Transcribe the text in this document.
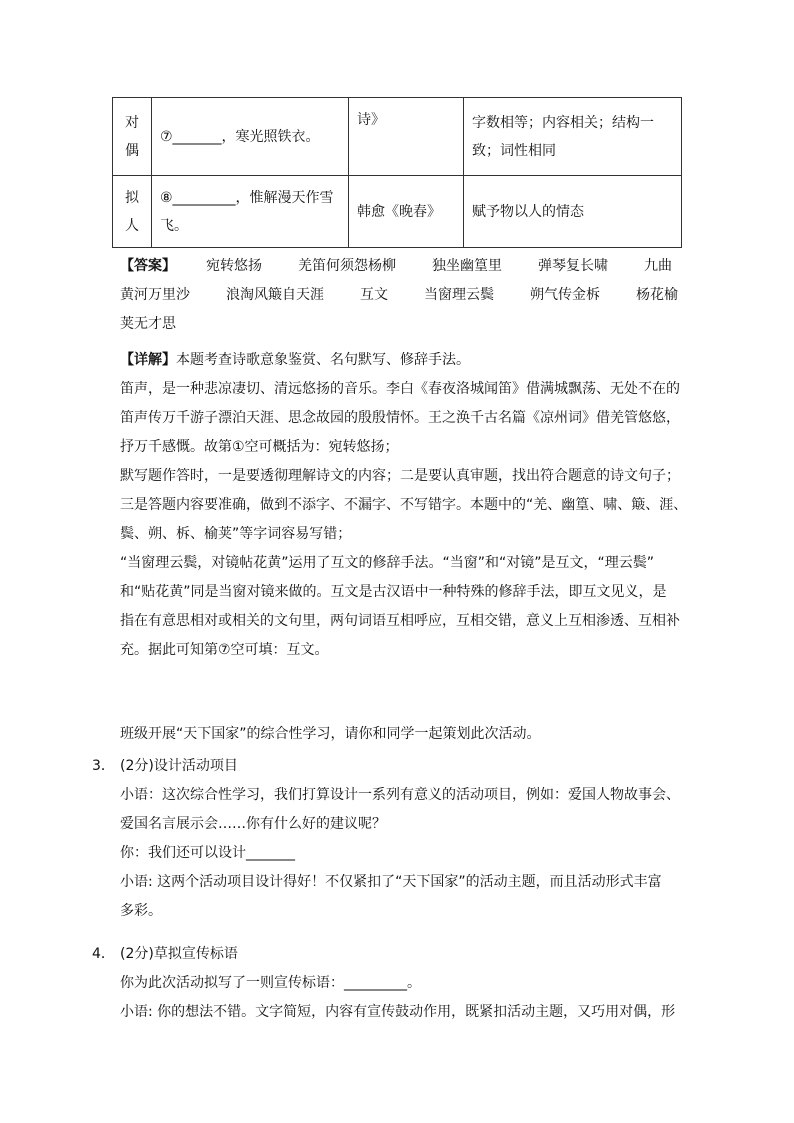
对偶	⑦_______，寒光照铁衣。	诗》	字数相等；内容相关；结构一致；词性相同
拟人	⑧_________，惟解漫天作雪飞。	韩愈《晚春》	赋予物以人的情态
【答案】 宛转悠扬	羌笛何须怨杨柳	独坐幽篁里	弹琴复长啸	九曲
黄河万里沙	浪淘风簸自天涯	互文	当窗理云鬓	朔气传金柝	杨花榆
荚无才思
【详解】本题考查诗歌意象鉴赏、名句默写、修辞手法。
笛声，是一种悲凉凄切、清远悠扬的音乐。李白《春夜洛城闻笛》借满城飘荡、无处不在的
笛声传万千游子漂泊天涯、思念故园的殷殷情怀。王之涣千古名篇《凉州词》借羌管悠悠，
抒万千感慨。故第①空可概括为：宛转悠扬；
默写题作答时，一是要透彻理解诗文的内容；二是要认真审题，找出符合题意的诗文句子；
三是答题内容要准确，做到不添字、不漏字、不写错字。本题中的“羌、幽篁、啸、簸、涯、
鬓、朔、柝、榆荚”等字词容易写错；
“当窗理云鬓，对镜帖花黄”运用了互文的修辞手法。“当窗”和“对镜”是互文，“理云鬓”
和“贴花黄”同是当窗对镜来做的。互文是古汉语中一种特殊的修辞手法，即互文见义，是
指在有意思相对或相关的文句里，两句词语互相呼应，互相交错，意义上互相渗透、互相补
充。据此可知第⑦空可填：互文。
班级开展“天下国家”的综合性学习，请你和同学一起策划此次活动。
3． (2分)设计活动项目
小语：这次综合性学习，我们打算设计一系列有意义的活动项目，例如：爱国人物故事会、
爱国名言展示会……你有什么好的建议呢？
你：我们还可以设计_______
小语: 这两个活动项目设计得好！不仅紧扣了“天下国家”的活动主题，而且活动形式丰富
多彩。
4． (2分)草拟宣传标语
你为此次活动拟写了一则宣传标语：_________。
小语: 你的想法不错。文字简短，内容有宣传鼓动作用，既紧扣活动主题，又巧用对偶，形
